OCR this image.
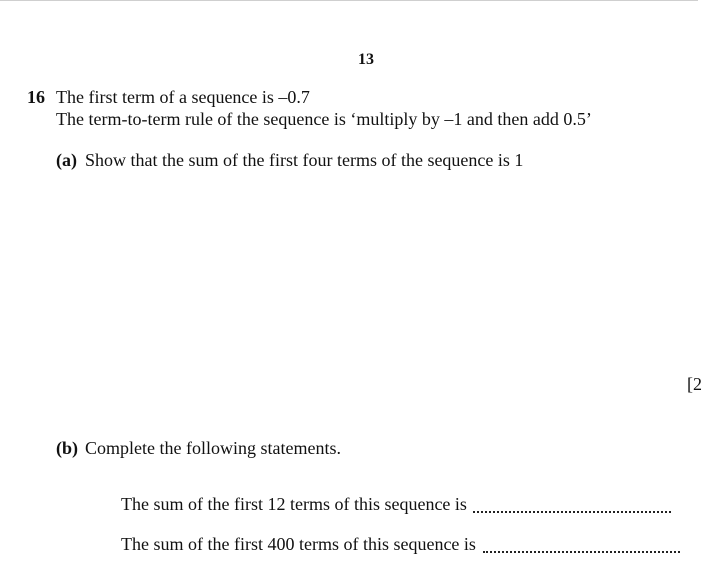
13
16 The first term of a sequence is –0.7
The term-to-term rule of the sequence is ‘multiply by –1 and then add 0.5’
(a) Show that the sum of the first four terms of the sequence is 1
[2
(b) Complete the following statements.
The sum of the first 12 terms of this sequence is
The sum of the first 400 terms of this sequence is
